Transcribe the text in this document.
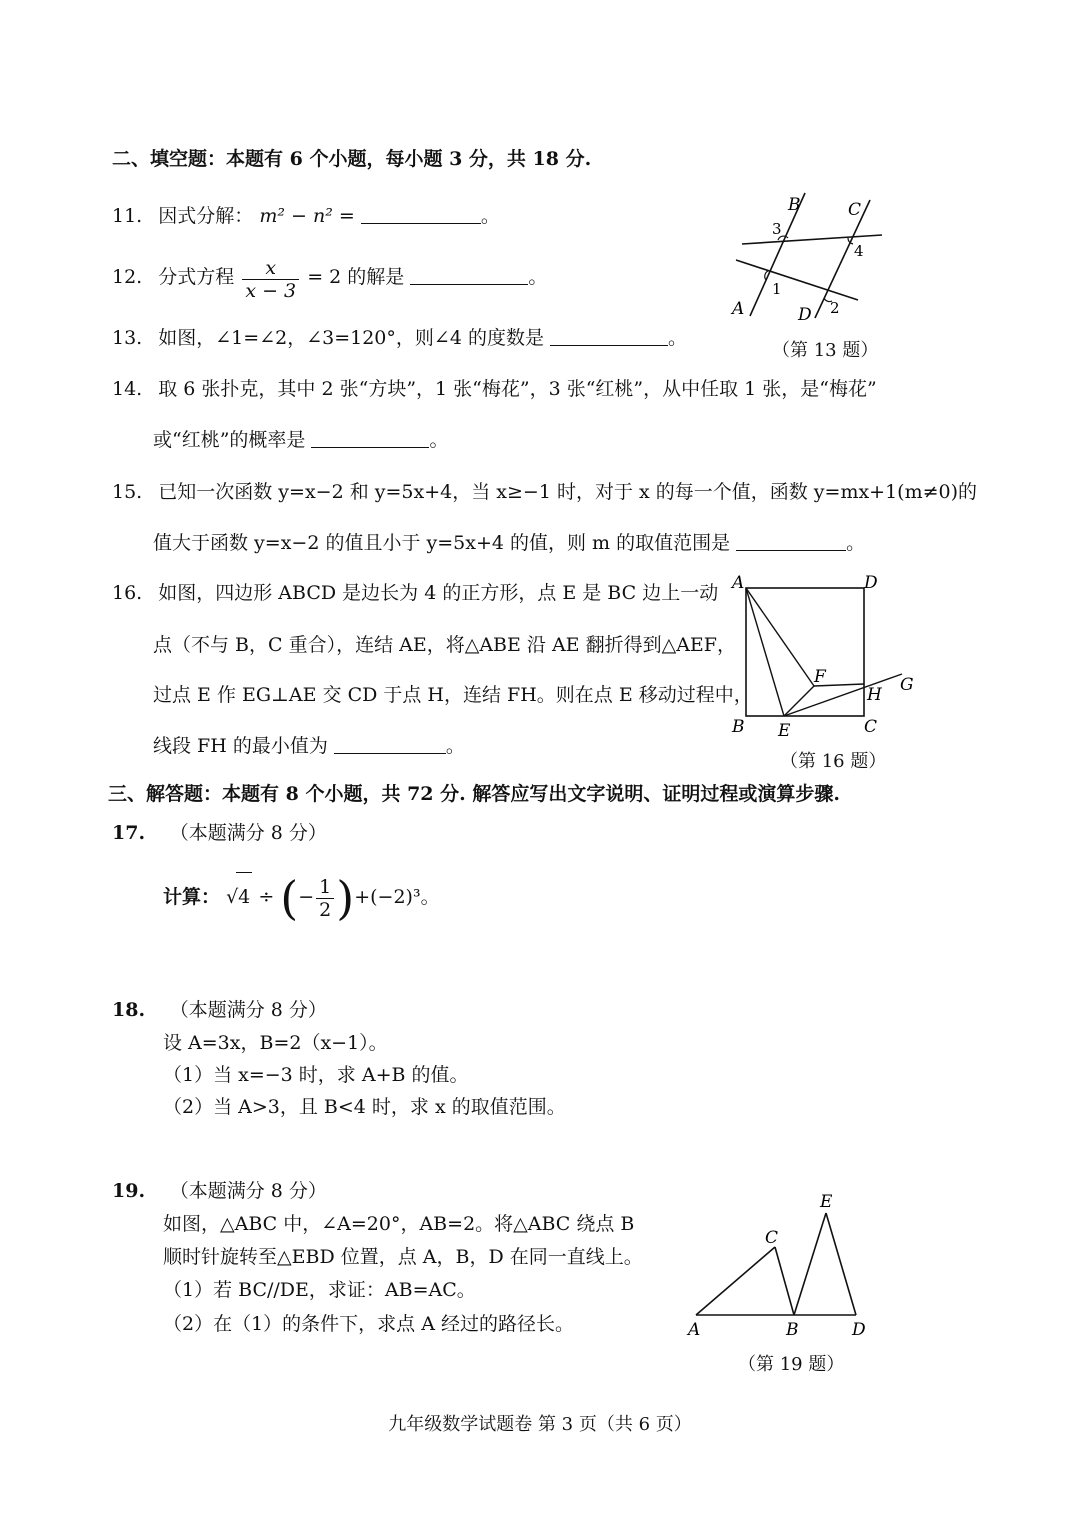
二、填空题：本题有 6 个小题，每小题 3 分，共 18 分.
11. 因式分解： m² − n² =	。
12. 分式方程 $\frac{x}{x - 3} = 2$ 的解是	。
13. 如图，∠1=∠2，∠3=120°，则∠4 的度数是	。
B	C
A	D
3
4
1
2
（第 13 题）
14. 取 6 张扑克，其中 2 张“方块”，1 张“梅花”，3 张“红桃”，从中任取 1 张，是“梅花”
或“红桃”的概率是	。
15. 已知一次函数 y=x−2 和 y=5x+4，当 x≥−1 时，对于 x 的每一个值，函数 y=mx+1(m≠0)的
值大于函数 y=x−2 的值且小于 y=5x+4 的值，则 m 的取值范围是	。
16. 如图，四边形 ABCD 是边长为 4 的正方形，点 E 是 BC 边上一动
点（不与 B，C 重合），连结 AE，将△ABE 沿 AE 翻折得到△AEF，
过点 E 作 EG⊥AE 交 CD 于点 H，连结 FH。则在点 E 移动过程中，
线段 FH 的最小值为	。
A	D
B	C
E
F
H G
（第 16 题）
三、解答题：本题有 8 个小题，共 72 分. 解答应写出文字说明、证明过程或演算步骤.
17. （本题满分 8 分）
计算： √4 ÷ (− $\frac{1}{2} )+(-2)^3$。
18. （本题满分 8 分）
设 A=3x，B=2（x−1）。
（1）当 x=−3 时，求 A+B 的值。
（2）当 A>3，且 B<4 时，求 x 的取值范围。
19. （本题满分 8 分）
如图，△ABC 中，∠A=20°，AB=2。将△ABC 绕点 B
顺时针旋转至△EBD 位置，点 A，B，D 在同一直线上。
（1）若 BC//DE，求证：AB=AC。
（2）在（1）的条件下，求点 A 经过的路径长。	A	B	D
C
E
（第 19 题）
九年级数学试题卷 第 3 页（共 6 页）
